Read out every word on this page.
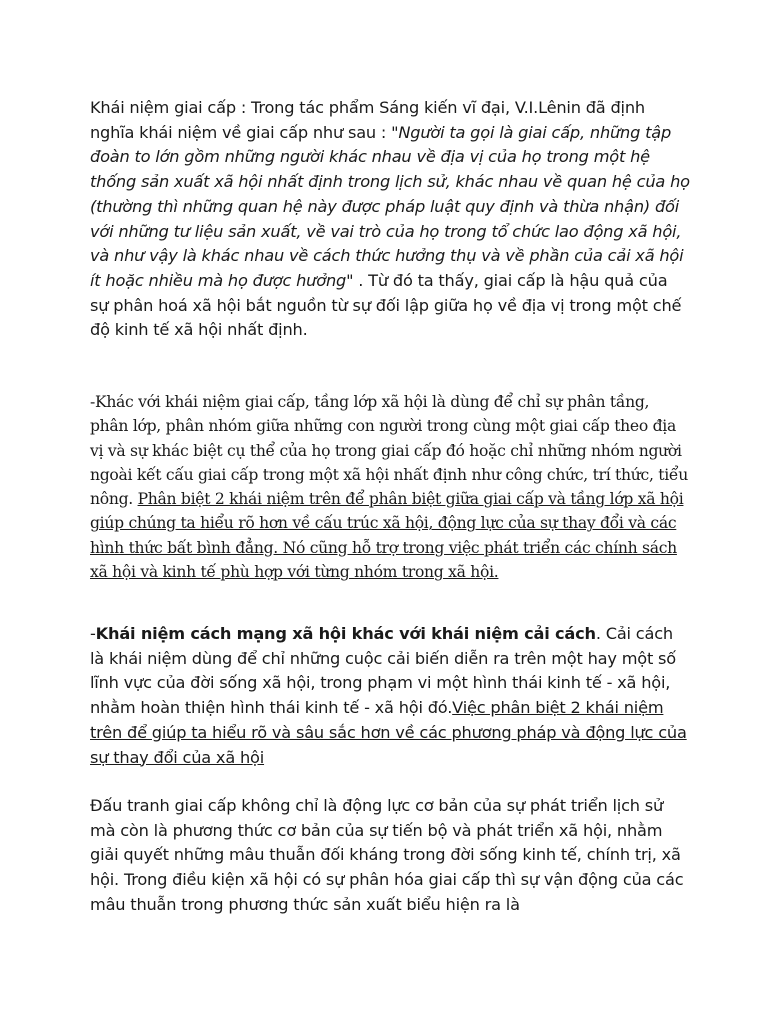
Khái niệm giai cấp : Trong tác phẩm Sáng kiến vĩ đại, V.I.Lênin đã định nghĩa khái niệm về giai cấp như sau : "Người ta gọi là giai cấp, những tập đoàn to lớn gồm những người khác nhau về địa vị của họ trong một hệ thống sản xuất xã hội nhất định trong lịch sử, khác nhau về quan hệ của họ (thường thì những quan hệ này được pháp luật quy định và thừa nhận) đối với những tư liệu sản xuất, về vai trò của họ trong tổ chức lao động xã hội, và như vậy là khác nhau về cách thức hưởng thụ và về phần của cải xã hội ít hoặc nhiều mà họ được hưởng" . Từ đó ta thấy, giai cấp là hậu quả của sự phân hoá xã hội bắt nguồn từ sự đối lập giữa họ về địa vị trong một chế độ kinh tế xã hội nhất định.

-Khác với khái niệm giai cấp, tầng lớp xã hội là dùng để chỉ sự phân tầng, phân lớp, phân nhóm giữa những con người trong cùng một giai cấp theo địa vị và sự khác biệt cụ thể của họ trong giai cấp đó hoặc chỉ những nhóm người ngoài kết cấu giai cấp trong một xã hội nhất định như công chức, trí thức, tiểu nông. Phân biệt 2 khái niệm trên để phân biệt giữa giai cấp và tầng lớp xã hội giúp chúng ta hiểu rõ hơn về cấu trúc xã hội, động lực của sự thay đổi và các hình thức bất bình đẳng. Nó cũng hỗ trợ trong việc phát triển các chính sách xã hội và kinh tế phù hợp với từng nhóm trong xã hội.

-Khái niệm cách mạng xã hội khác với khái niệm cải cách. Cải cách là khái niệm dùng để chỉ những cuộc cải biến diễn ra trên một hay một số lĩnh vực của đời sống xã hội, trong phạm vi một hình thái kinh tế - xã hội, nhằm hoàn thiện hình thái kinh tế - xã hội đó.Việc phân biệt 2 khái niệm trên để giúp ta hiểu rõ và sâu sắc hơn về các phương pháp và động lực của sự thay đổi của xã hội

Đấu tranh giai cấp không chỉ là động lực cơ bản của sự phát triển lịch sử mà còn là phương thức cơ bản của sự tiến bộ và phát triển xã hội, nhằm giải quyết những mâu thuẫn đối kháng trong đời sống kinh tế, chính trị, xã hội. Trong điều kiện xã hội có sự phân hóa giai cấp thì sự vận động của các mâu thuẫn trong phương thức sản xuất biểu hiện ra là
